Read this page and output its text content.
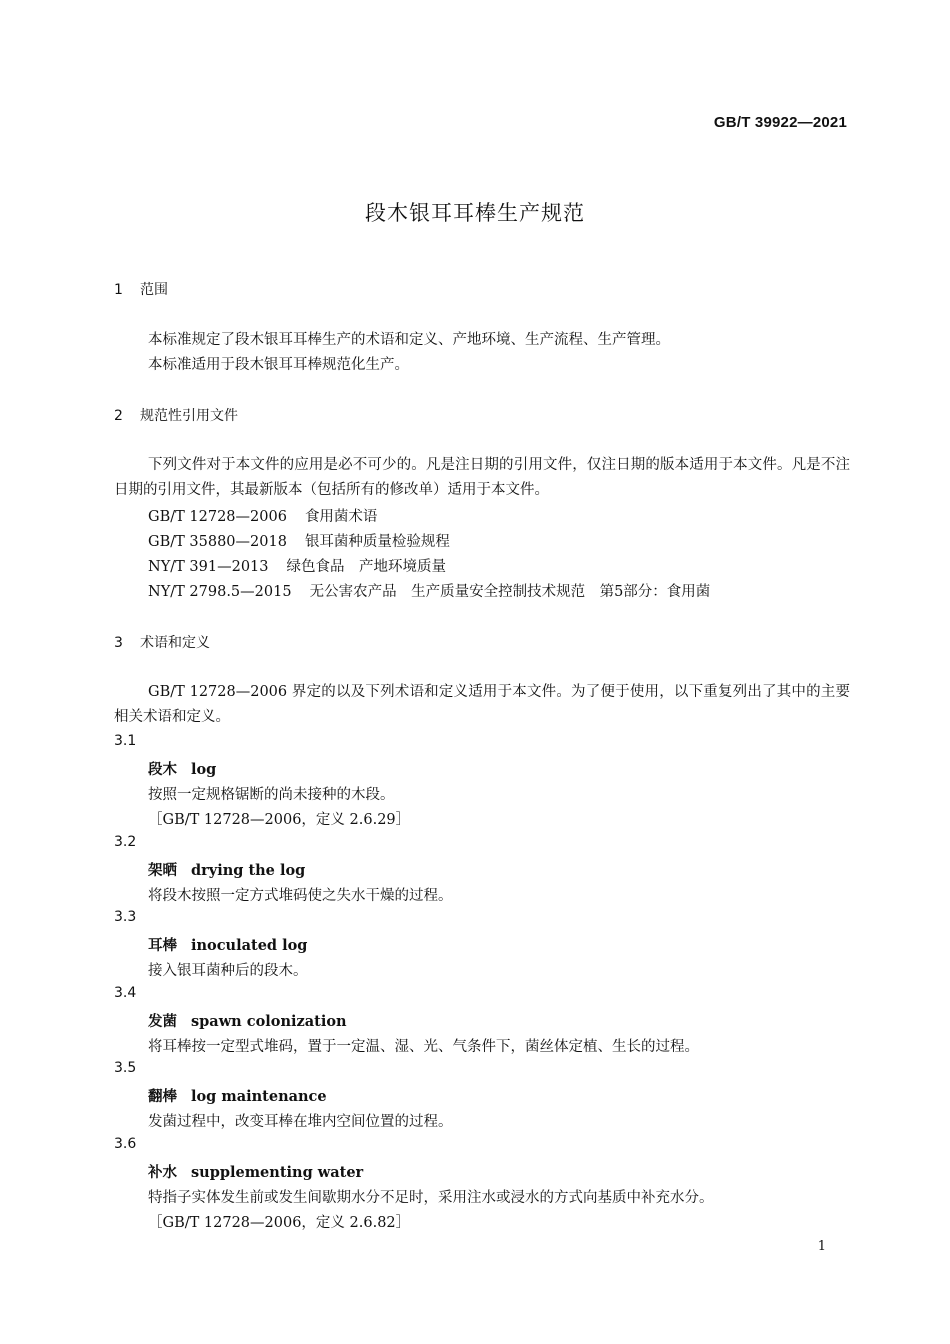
GB/T 39922—2021
段木银耳耳棒生产规范
1 范围
本标准规定了段木银耳耳棒生产的术语和定义、产地环境、生产流程、生产管理。
本标准适用于段木银耳耳棒规范化生产。
2 规范性引用文件
下列文件对于本文件的应用是必不可少的。凡是注日期的引用文件，仅注日期的版本适用于本文件。凡是不注日期的引用文件，其最新版本（包括所有的修改单）适用于本文件。
GB/T 12728—2006 食用菌术语
GB/T 35880—2018 银耳菌种质量检验规程
NY/T 391—2013 绿色食品　产地环境质量
NY/T 2798.5—2015 无公害农产品　生产质量安全控制技术规范　第5部分：食用菌
3 术语和定义
GB/T 12728—2006 界定的以及下列术语和定义适用于本文件。为了便于使用，以下重复列出了其中的主要相关术语和定义。
3.1
段木 log
按照一定规格锯断的尚未接种的木段。
［GB/T 12728—2006，定义 2.6.29］
3.2
架晒 drying the log
将段木按照一定方式堆码使之失水干燥的过程。
3.3
耳棒 inoculated log
接入银耳菌种后的段木。
3.4
发菌 spawn colonization
将耳棒按一定型式堆码，置于一定温、湿、光、气条件下，菌丝体定植、生长的过程。
3.5
翻棒 log maintenance
发菌过程中，改变耳棒在堆内空间位置的过程。
3.6
补水 supplementing water
特指子实体发生前或发生间歇期水分不足时，采用注水或浸水的方式向基质中补充水分。
［GB/T 12728—2006，定义 2.6.82］
1
